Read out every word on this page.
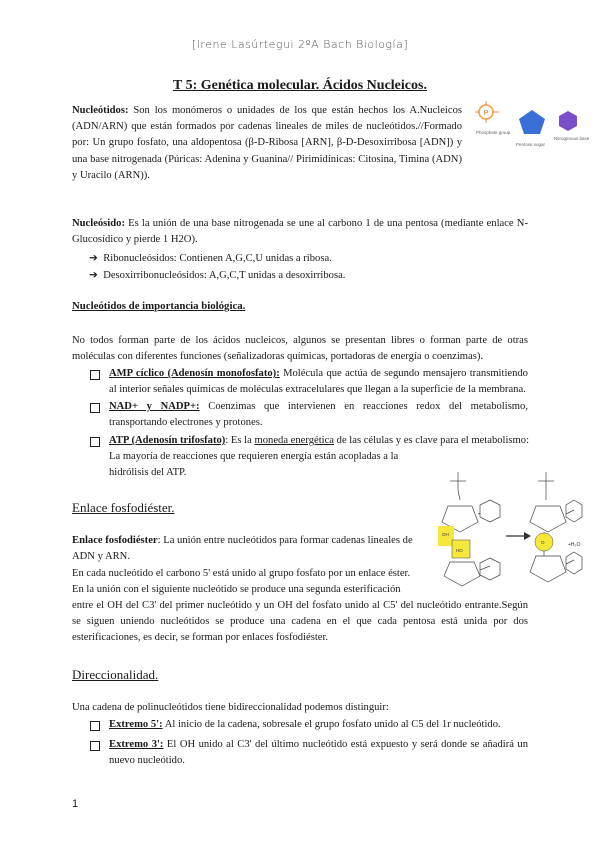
[Irene Lasúrtegui 2ºA Bach Biología]
T 5: Genética molecular. Ácidos Nucleicos.
Nucleótidos: Son los monómeros o unidades de los que están hechos los A.Nucleicos (ADN/ARN) que están formados por cadenas lineales de miles de nucleótidos.//Formado por: Un grupo fosfato, una aldopentosa (β-D-Ribosa [ARN], β-D-Desoxirribosa [ADN]) y una base nitrogenada (Púricas: Adenina y Guanina// Pirimidínicas: Citosina, Timina (ADN) y Uracilo (ARN)).
P
Phosphate group
Pentose sugar
Nitrogenous base
Nucleósido: Es la unión de una base nitrogenada se une al carbono 1 de una pentosa (mediante enlace N-Glucosídico y pierde 1 H2O).
➔ Ribonucleósidos: Contienen A,G,C,U unidas a ribosa.
➔ Desoxirribonucleósidos: A,G,C,T unidas a desoxirribosa.
Nucleótidos de importancia biológica.
No todos forman parte de los ácidos nucleicos, algunos se presentan libres o forman parte de otras moléculas con diferentes funciones (señalizadoras químicas, portadoras de energía o coenzimas).
AMP cíclico (Adenosín monofosfato): Molécula que actúa de segundo mensajero transmitiendo al interior señales químicas de moléculas extracelulares que llegan a la superficie de la membrana.
NAD+ y NADP+: Coenzimas que intervienen en reacciones redox del metabolismo, transportando electrones y protones.
ATP (Adenosín trifosfato): Es la moneda energética de las células y es clave para el metabolismo:
La mayoría de reacciones que requieren energía están acopladas a la
hidrólisis del ATP.
OH
HO
O	+H₂O
Enlace fosfodiéster.
Enlace fosfodiéster: La unión entre nucleótidos para formar cadenas lineales de
ADN y ARN.
En cada nucleótido el carbono 5' está unido al grupo fosfato por un enlace éster.
En la unión con el siguiente nucleótido se produce una segunda esterificación
entre el OH del C3' del primer nucleótido y un OH del fosfato unido al C5' del nucleótido entrante.Según se siguen uniendo nucleótidos se produce una cadena en el que cada pentosa está unida por dos esterificaciones, es decir, se forman por enlaces fosfodiéster.
Direccionalidad.
Una cadena de polinucleótidos tiene bidireccionalidad podemos distinguir:
Extremo 5': Al inicio de la cadena, sobresale el grupo fosfato unido al C5 del 1r nucleótido.
Extremo 3': El OH unido al C3' del último nucleótido está expuesto y será donde se añadirá un nuevo nucleótido.
1
